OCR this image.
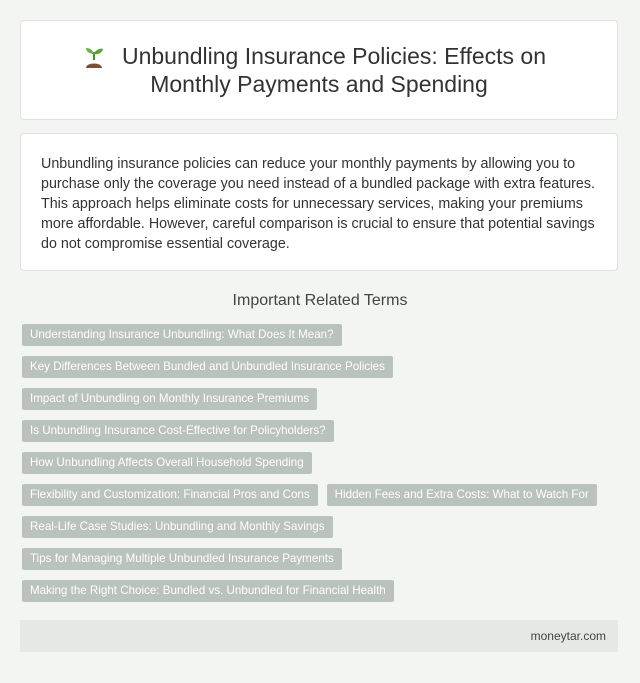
Unbundling Insurance Policies: Effects on Monthly Payments and Spending

Unbundling insurance policies can reduce your monthly payments by allowing you to purchase only the coverage you need instead of a bundled package with extra features. This approach helps eliminate costs for unnecessary services, making your premiums more affordable. However, careful comparison is crucial to ensure that potential savings do not compromise essential coverage.

Important Related Terms
Understanding Insurance Unbundling: What Does It Mean?
Key Differences Between Bundled and Unbundled Insurance Policies
Impact of Unbundling on Monthly Insurance Premiums
Is Unbundling Insurance Cost-Effective for Policyholders?
How Unbundling Affects Overall Household Spending
Flexibility and Customization: Financial Pros and Cons	Hidden Fees and Extra Costs: What to Watch For
Real-Life Case Studies: Unbundling and Monthly Savings
Tips for Managing Multiple Unbundled Insurance Payments
Making the Right Choice: Bundled vs. Unbundled for Financial Health
moneytar.com
